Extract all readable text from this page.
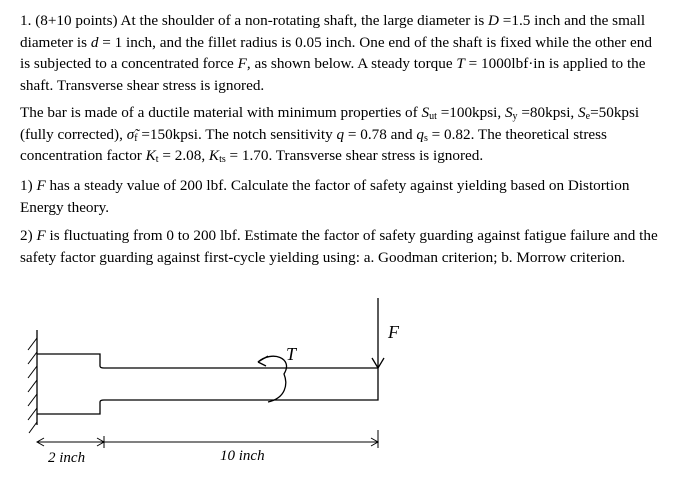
1. (8+10 points) At the shoulder of a non-rotating shaft, the large diameter is D =1.5 inch and the small diameter is d = 1 inch, and the fillet radius is 0.05 inch. One end of the shaft is fixed while the other end is subjected to a concentrated force F, as shown below. A steady torque T = 1000lbf·in is applied to the shaft. Transverse shear stress is ignored.

The bar is made of a ductile material with minimum properties of $S_{ut}$ =100kpsi, $S_y$ =80kpsi, $S_e=50kpsi$ (fully corrected), $\sigmã_f$ =150kpsi. The notch sensitivity q = 0.78 and $q_s = 0.82$. The theoretical stress concentration factor $K_t = 2.08$, $K_{ts} = 1.70$. Transverse shear stress is ignored.

1) F has a steady value of 200 lbf. Calculate the factor of safety against yielding based on Distortion Energy theory.

2) F is fluctuating from 0 to 200 lbf. Estimate the factor of safety guarding against fatigue failure and the safety factor guarding against first-cycle yielding using: a. Goodman criterion; b. Morrow criterion.

F
T
2 inch	10 inch
